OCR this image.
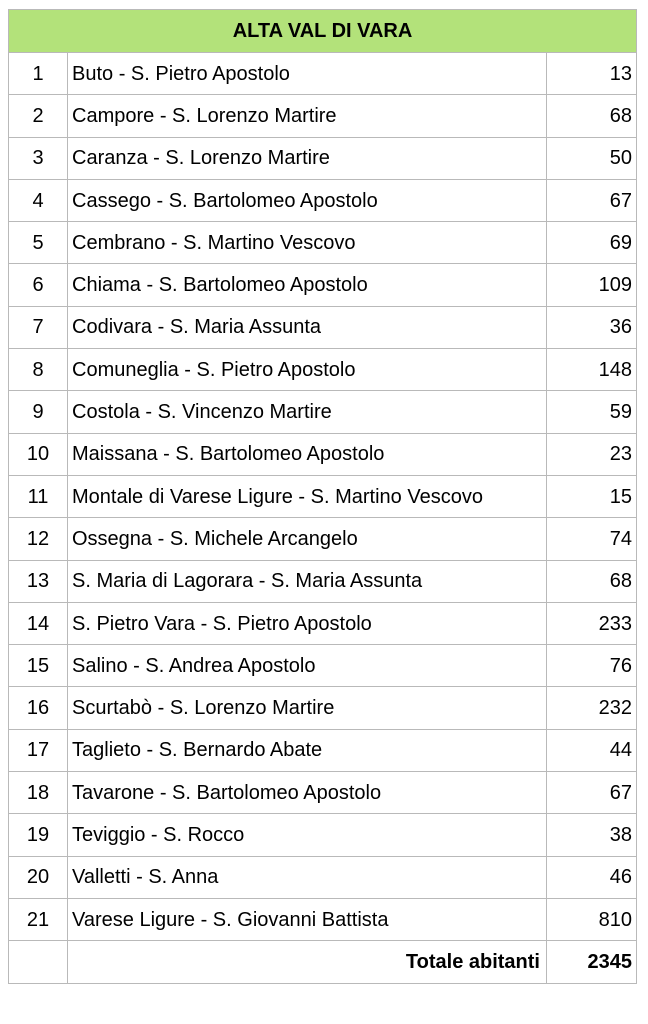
ALTA VAL DI VARA		
1	Buto - S. Pietro Apostolo	13
2	Campore - S. Lorenzo Martire	68
3	Caranza - S. Lorenzo Martire	50
4	Cassego - S. Bartolomeo Apostolo	67
5	Cembrano - S. Martino Vescovo	69
6	Chiama - S. Bartolomeo Apostolo	109
7	Codivara - S. Maria Assunta	36
8	Comuneglia - S. Pietro Apostolo	148
9	Costola - S. Vincenzo Martire	59
10	Maissana - S. Bartolomeo Apostolo	23
11	Montale di Varese Ligure - S. Martino Vescovo	15
12	Ossegna - S. Michele Arcangelo	74
13	S. Maria di Lagorara - S. Maria Assunta	68
14	S. Pietro Vara - S. Pietro Apostolo	233
15	Salino - S. Andrea Apostolo	76
16	Scurtabò - S. Lorenzo Martire	232
17	Taglieto - S. Bernardo Abate	44
18	Tavarone - S. Bartolomeo Apostolo	67
19	Teviggio - S. Rocco	38
20	Valletti - S. Anna	46
21	Varese Ligure - S. Giovanni Battista	810
	Totale abitanti	2345
